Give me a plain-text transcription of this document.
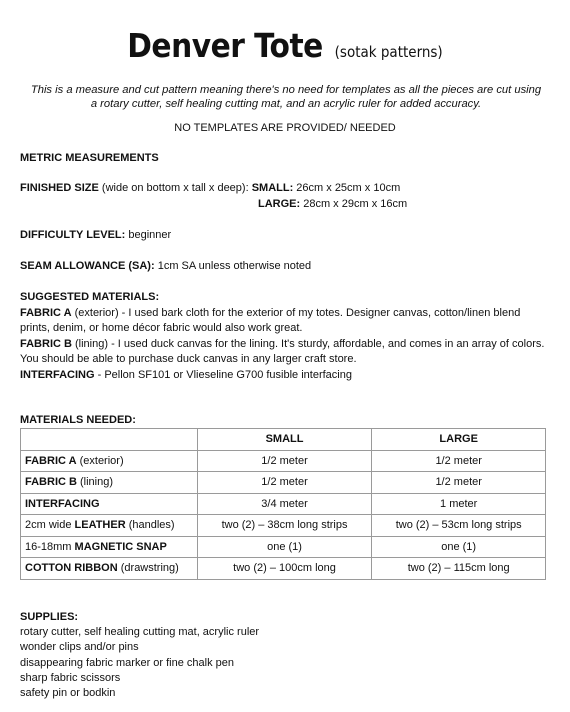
Denver Tote (sotak patterns)
This is a measure and cut pattern meaning there's no need for templates as all the pieces are cut using a rotary cutter, self healing cutting mat, and an acrylic ruler for added accuracy.
NO TEMPLATES ARE PROVIDED/ NEEDED
METRIC MEASUREMENTS
FINISHED SIZE (wide on bottom x tall x deep): SMALL: 26cm x 25cm x 10cm
LARGE: 28cm x 29cm x 16cm
DIFFICULTY LEVEL: beginner
SEAM ALLOWANCE (SA): 1cm SA unless otherwise noted
SUGGESTED MATERIALS:
FABRIC A (exterior) - I used bark cloth for the exterior of my totes. Designer canvas, cotton/linen blend prints, denim, or home décor fabric would also work great.
FABRIC B (lining) - I used duck canvas for the lining. It's sturdy, affordable, and comes in an array of colors. You should be able to purchase duck canvas in any larger craft store.
INTERFACING - Pellon SF101 or Vlieseline G700 fusible interfacing
MATERIALS NEEDED:
	SMALL	LARGE
FABRIC A (exterior)	1/2 meter	1/2 meter
FABRIC B (lining)	1/2 meter	1/2 meter
INTERFACING	3/4 meter	1 meter
2cm wide LEATHER (handles)	two (2) – 38cm long strips	two (2) – 53cm long strips
16-18mm MAGNETIC SNAP	one (1)	one (1)
COTTON RIBBON (drawstring)	two (2) – 100cm long	two (2) – 115cm long
SUPPLIES:
rotary cutter, self healing cutting mat, acrylic ruler
wonder clips and/or pins
disappearing fabric marker or fine chalk pen
sharp fabric scissors
safety pin or bodkin
